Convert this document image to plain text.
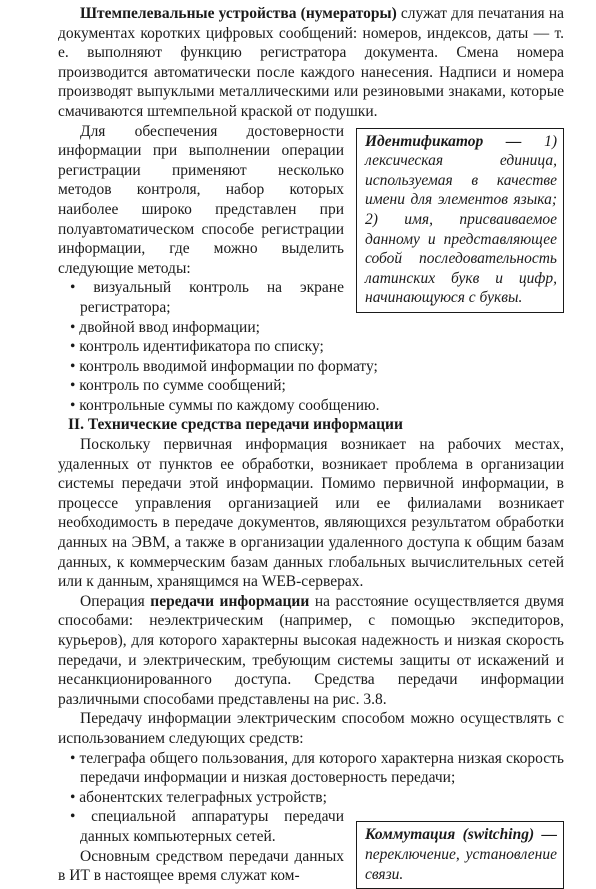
Штемпелевальные устройства (нумераторы) служат для печатания на документах коротких цифровых сообщений: номеров, индексов, даты — т. е. выполняют функцию регистратора документа. Смена номера производится автоматически после каждого нанесения. Надписи и номера производят выпуклыми металлическими или резиновыми знаками, которые смачиваются штемпельной краской от подушки.

Идентификатор — 1) лексическая единица, используемая в качестве имени для элементов языка; 2) имя, присваиваемое данному и представляющее собой последовательность латинских букв и цифр, начинающуюся с буквы.

Для обеспечения достоверности информации при выполнении операции регистрации применяют несколько методов контроля, набор которых наиболее широко представлен при полуавтоматическом способе регистрации информации, где можно выделить следующие методы:

• визуальный контроль на экране регистратора;

• двойной ввод информации;

• контроль идентификатора по списку;

• контроль вводимой информации по формату;

• контроль по сумме сообщений;

• контрольные суммы по каждому сообщению.

II. Технические средства передачи информации

Поскольку первичная информация возникает на рабочих местах, удаленных от пунктов ее обработки, возникает проблема в организации системы передачи этой информации. Помимо первичной информации, в процессе управления организацией или ее филиалами возникает необходимость в передаче документов, являющихся результатом обработки данных на ЭВМ, а также в организации удаленного доступа к общим базам данных, к коммерческим базам данных глобальных вычислительных сетей или к данным, хранящимся на WEB-серверах.

Операция передачи информации на расстояние осуществляется двумя способами: неэлектрическим (например, с помощью экспедиторов, курьеров), для которого характерны высокая надежность и низкая скорость передачи, и электрическим, требующим системы защиты от искажений и несанкционированного доступа. Средства передачи информации различными способами представлены на рис. 3.8.

Передачу информации электрическим способом можно осуществлять с использованием следующих средств:

• телеграфа общего пользования, для которого характерна низкая скорость передачи информации и низкая достоверность передачи;

• абонентских телеграфных устройств;

Коммутация (switching) — переключение, установление связи.

• специальной аппаратуры передачи данных компьютерных сетей.

Основным средством передачи данных в ИТ в настоящее время служат ком-
